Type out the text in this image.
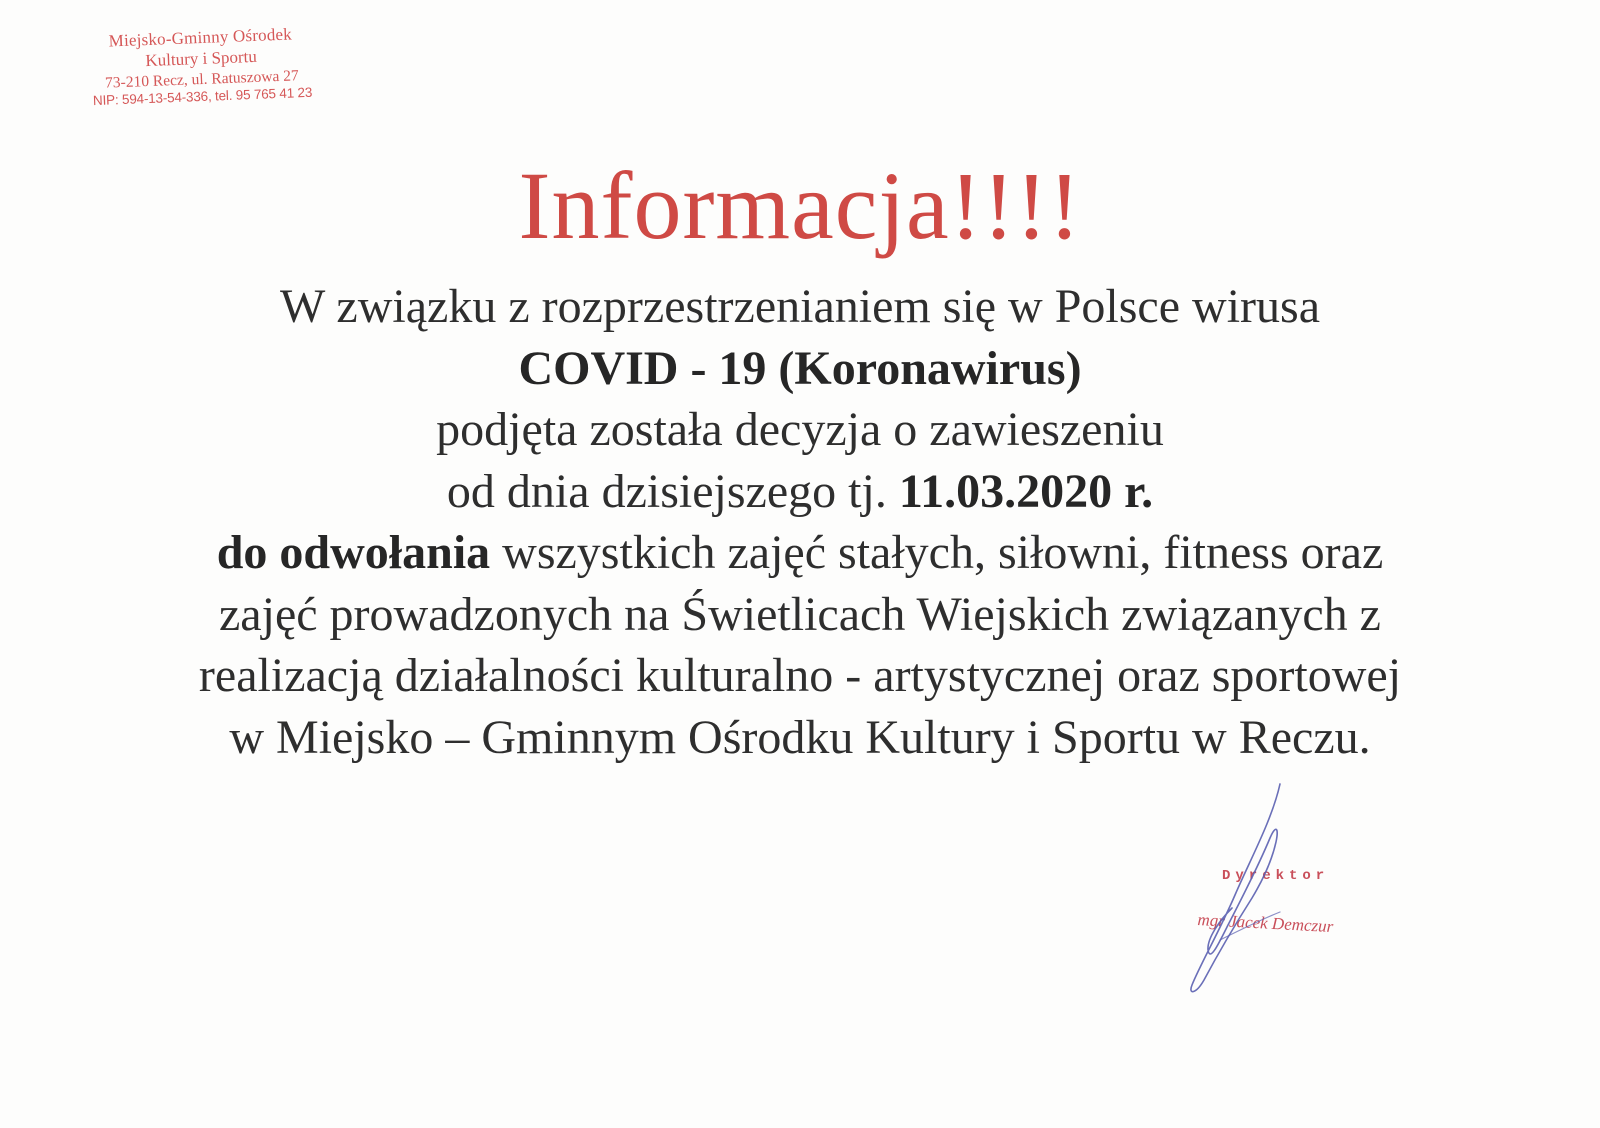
Miejsko-Gminny Ośrodek
Kultury i Sportu
73-210 Recz, ul. Ratuszowa 27
NIP: 594-13-54-336, tel. 95 765 41 23
Informacja!!!!
W związku z rozprzestrzenianiem się w Polsce wirusa
COVID - 19 (Koronawirus)
podjęta została decyzja o zawieszeniu
od dnia dzisiejszego tj. 11.03.2020 r.
do odwołania wszystkich zajęć stałych, siłowni, fitness oraz
zajęć prowadzonych na Świetlicach Wiejskich związanych z
realizacją działalności kulturalno - artystycznej oraz sportowej
w Miejsko – Gminnym Ośrodku Kultury i Sportu w Reczu.
Dyrektor
mgr Jacek Demczur
